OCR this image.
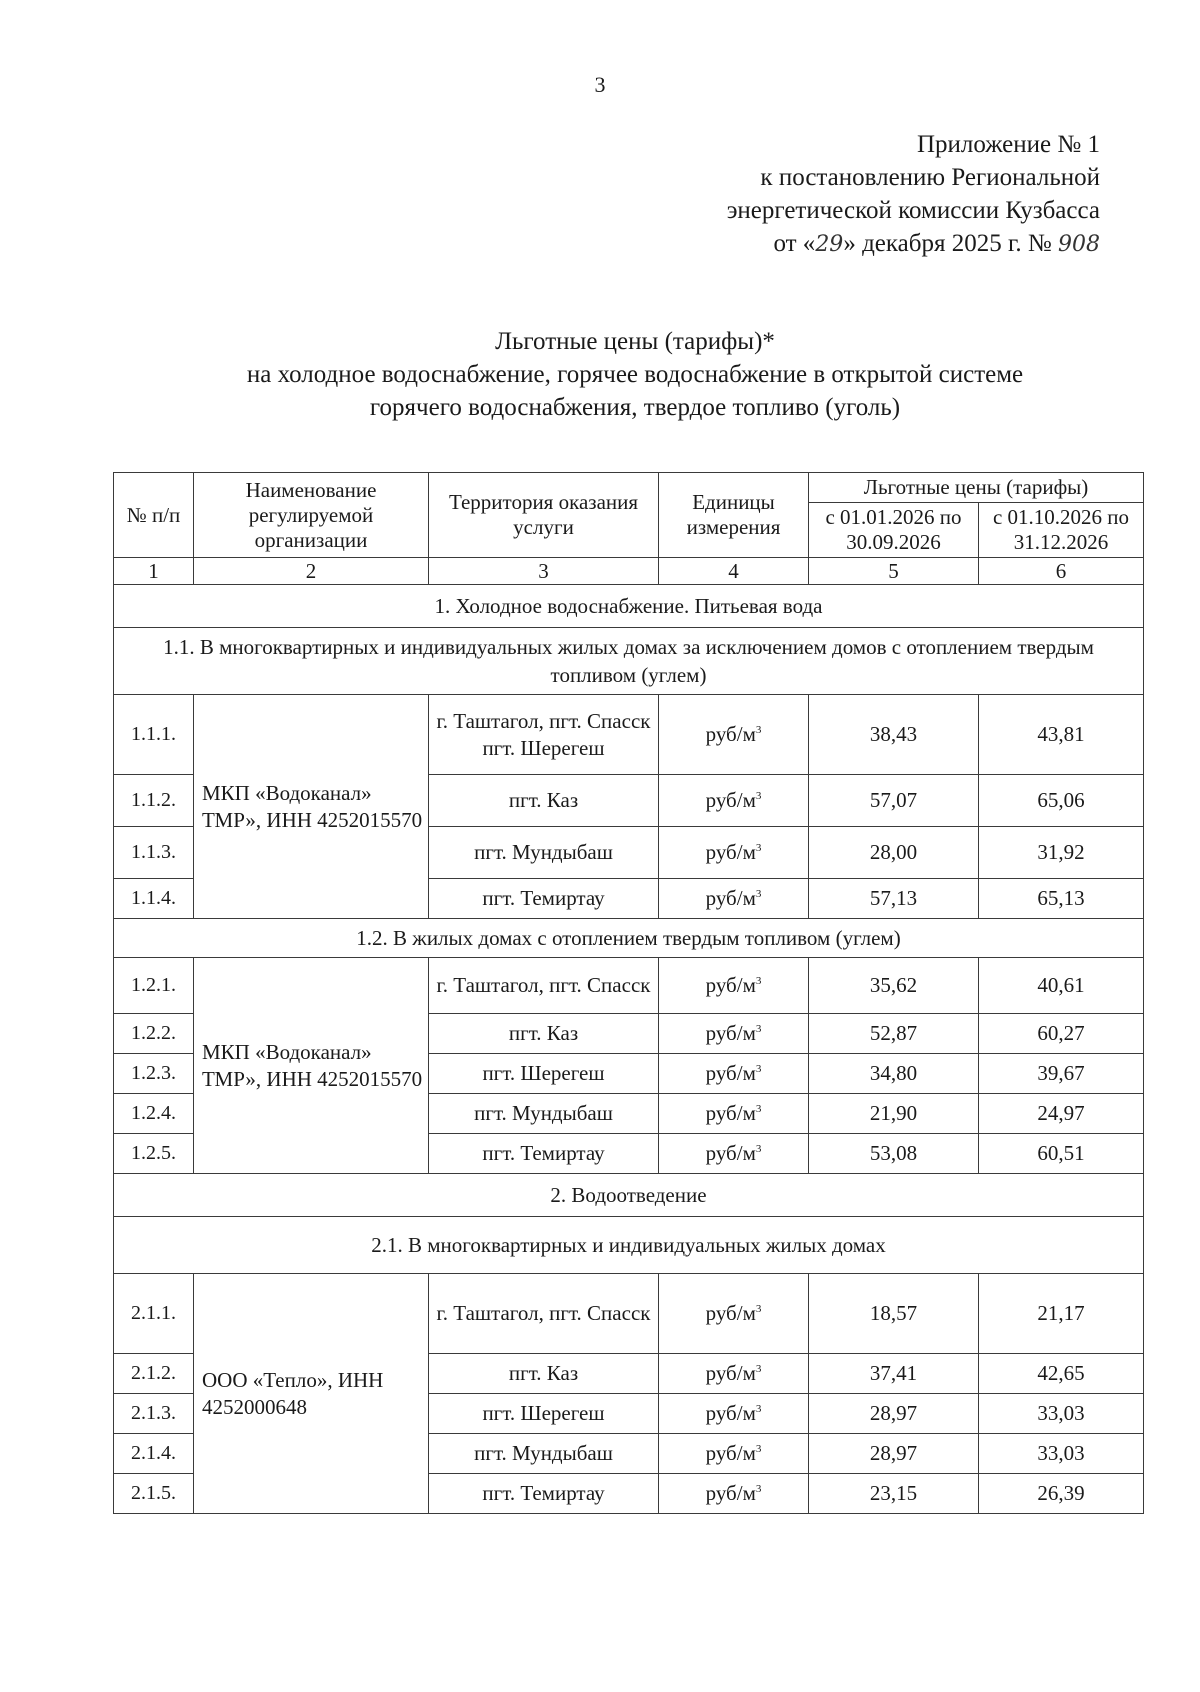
3
Приложение № 1
к постановлению Региональной
энергетической комиссии Кузбасса
от «29» декабря 2025 г. № 908
Льготные цены (тарифы)*
на холодное водоснабжение, горячее водоснабжение в открытой системе
горячего водоснабжения, твердое топливо (уголь)
№ п/п	Наименование регулируемой организации	Территория оказания услуги	Единицы измерения	Льготные цены (тарифы)	
				с 01.01.2026 по 30.09.2026	с 01.10.2026 по 31.12.2026
1	2	3	4	5	6
1. Холодное водоснабжение. Питьевая вода					
1.1. В многоквартирных и индивидуальных жилых домах за исключением домов с отоплением твердым топливом (углем)					
1.1.1.	МКП «Водоканал» ТМР», ИНН 4252015570	г. Таштагол, пгт. Спасск пгт. Шерегеш	руб/$м^3$	38,43	43,81
1.1.2.		пгт. Каз	руб/$м^3$	57,07	65,06
1.1.3.		пгт. Мундыбаш	руб/$м^3$	28,00	31,92
1.1.4.		пгт. Темиртау	руб/$м^3$	57,13	65,13
1.2. В жилых домах с отоплением твердым топливом (углем)					
1.2.1.	МКП «Водоканал» ТМР», ИНН 4252015570	г. Таштагол, пгт. Спасск	руб/$м^3$	35,62	40,61
1.2.2.		пгт. Каз	руб/$м^3$	52,87	60,27
1.2.3.		пгт. Шерегеш	руб/$м^3$	34,80	39,67
1.2.4.		пгт. Мундыбаш	руб/$м^3$	21,90	24,97
1.2.5.		пгт. Темиртау	руб/$м^3$	53,08	60,51
2. Водоотведение					
2.1. В многоквартирных и индивидуальных жилых домах					
2.1.1.	ООО «Тепло», ИНН 4252000648	г. Таштагол, пгт. Спасск	руб/$м^3$	18,57	21,17
2.1.2.		пгт. Каз	руб/$м^3$	37,41	42,65
2.1.3.		пгт. Шерегеш	руб/$м^3$	28,97	33,03
2.1.4.		пгт. Мундыбаш	руб/$м^3$	28,97	33,03
2.1.5.		пгт. Темиртау	руб/$м^3$	23,15	26,39
